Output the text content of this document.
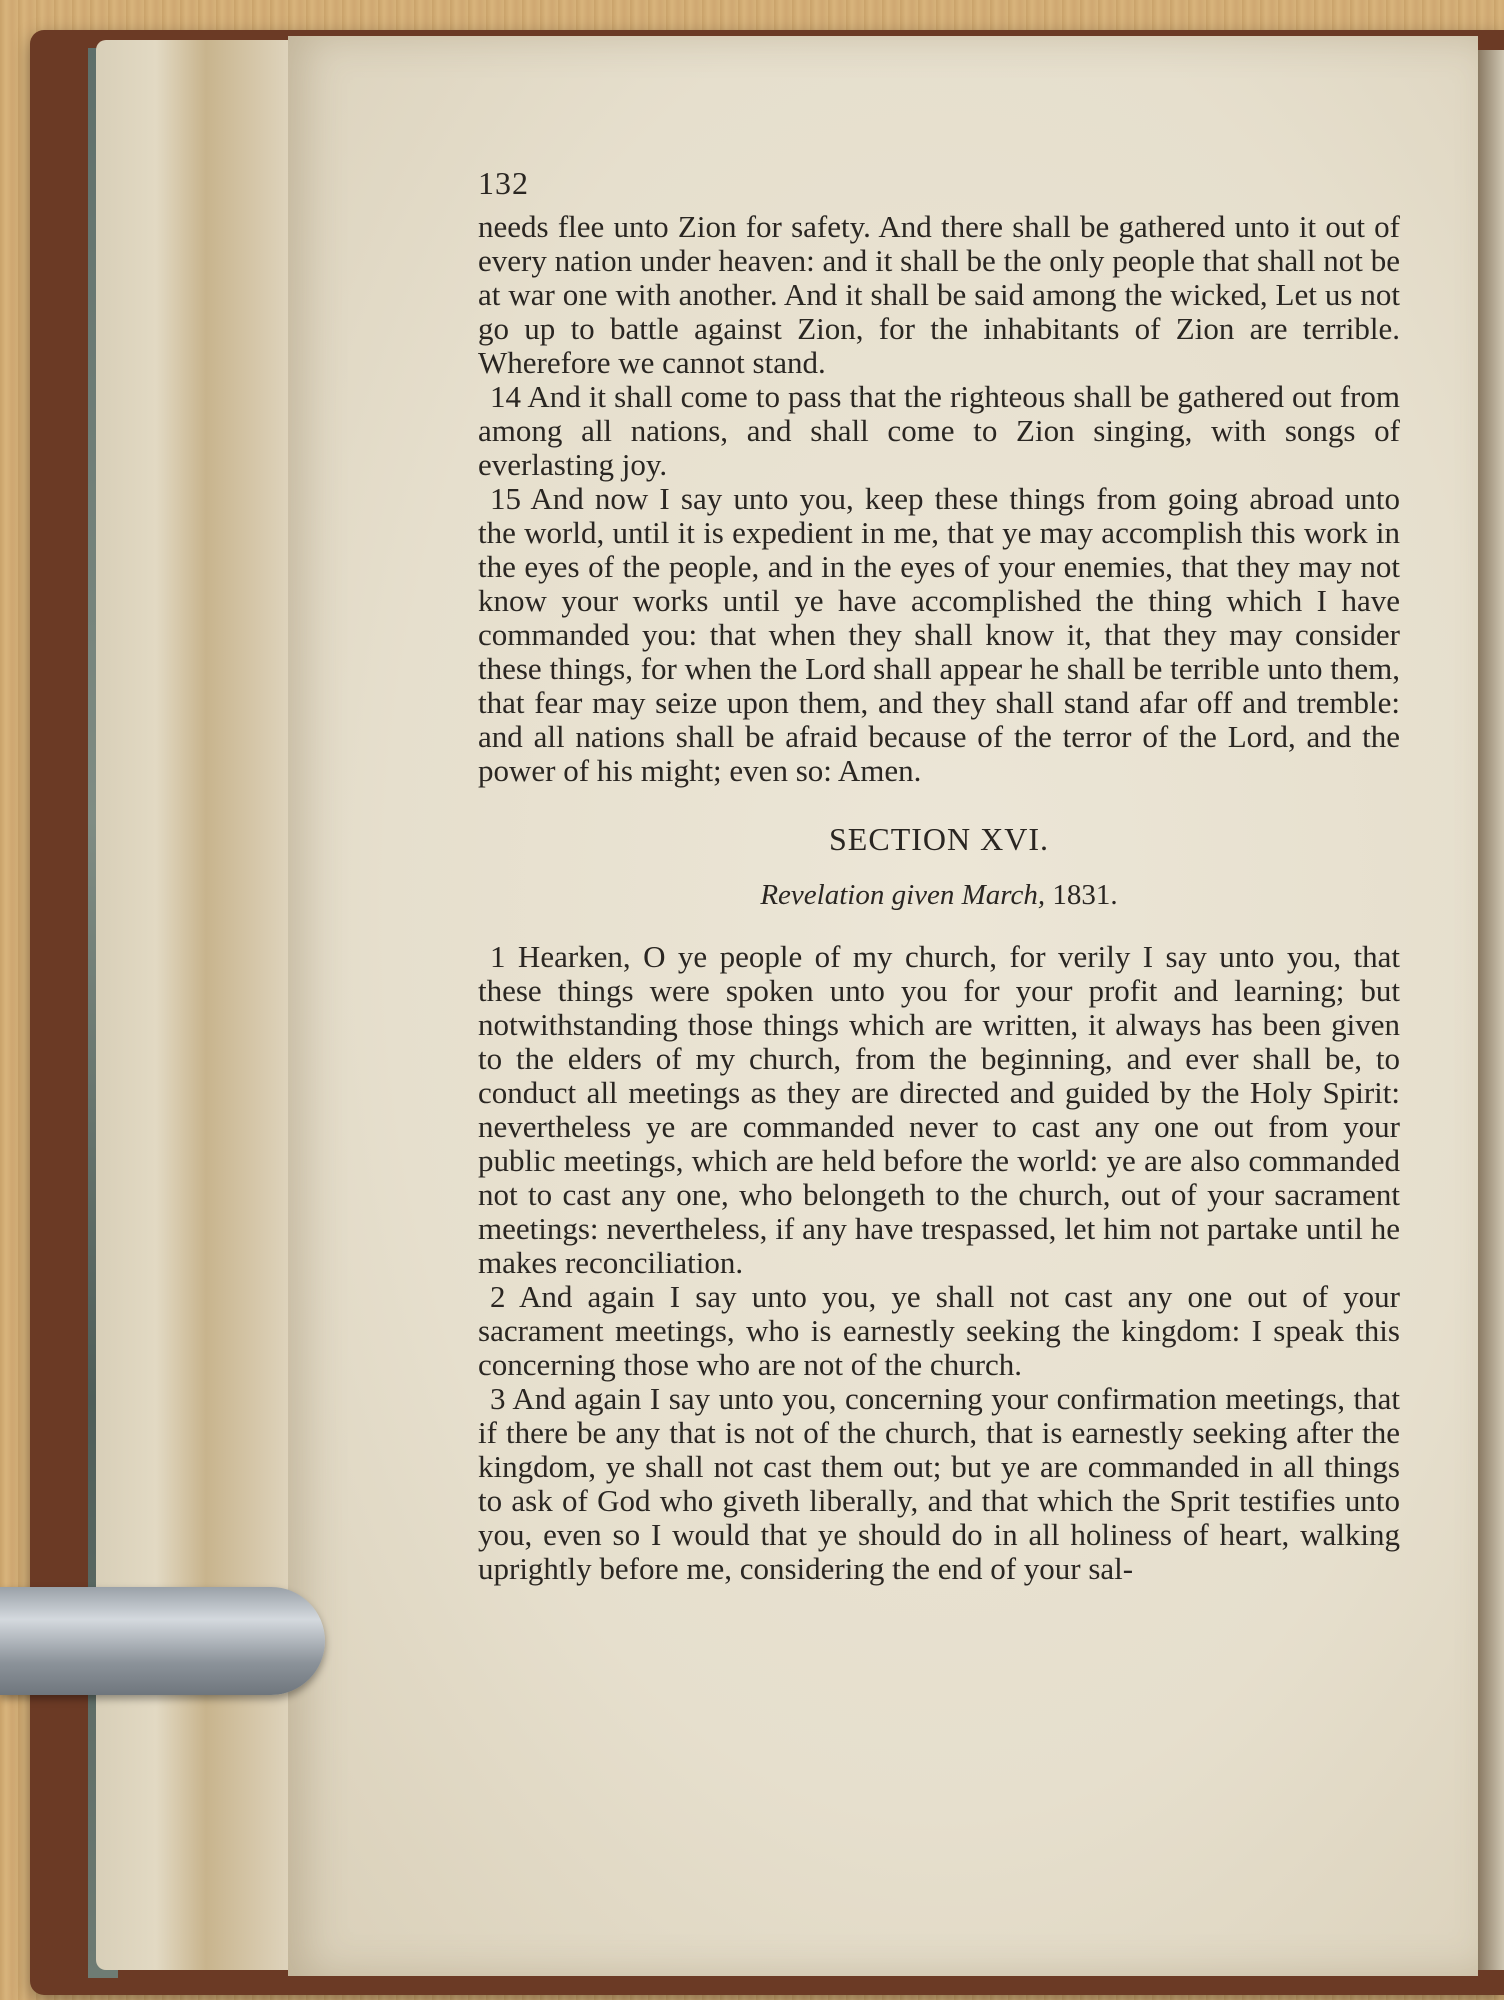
132

needs flee unto Zion for safety. And there shall be gathered unto it out of every nation under heaven: and it shall be the only people that shall not be at war one with another. And it shall be said among the wicked, Let us not go up to battle against Zion, for the inhabitants of Zion are terrible. Wherefore we cannot stand.

14 And it shall come to pass that the righteous shall be gathered out from among all nations, and shall come to Zion singing, with songs of everlasting joy.

15 And now I say unto you, keep these things from going abroad unto the world, until it is expedient in me, that ye may accomplish this work in the eyes of the people, and in the eyes of your enemies, that they may not know your works until ye have accomplished the thing which I have commanded you: that when they shall know it, that they may consider these things, for when the Lord shall appear he shall be terrible unto them, that fear may seize upon them, and they shall stand afar off and tremble: and all nations shall be afraid because of the terror of the Lord, and the power of his might; even so: Amen.

SECTION XVI.
Revelation given March, 1831.

1 Hearken, O ye people of my church, for verily I say unto you, that these things were spoken unto you for your profit and learning; but notwithstanding those things which are written, it always has been given to the elders of my church, from the beginning, and ever shall be, to conduct all meetings as they are directed and guided by the Holy Spirit: nevertheless ye are commanded never to cast any one out from your public meetings, which are held before the world: ye are also commanded not to cast any one, who belongeth to the church, out of your sacrament meetings: nevertheless, if any have trespassed, let him not partake until he makes reconciliation.

2 And again I say unto you, ye shall not cast any one out of your sacrament meetings, who is earnestly seeking the kingdom: I speak this concerning those who are not of the church.

3 And again I say unto you, concerning your confirmation meetings, that if there be any that is not of the church, that is earnestly seeking after the kingdom, ye shall not cast them out; but ye are commanded in all things to ask of God who giveth liberally, and that which the Sprit testifies unto you, even so I would that ye should do in all holiness of heart, walking uprightly before me, considering the end of your sal-
